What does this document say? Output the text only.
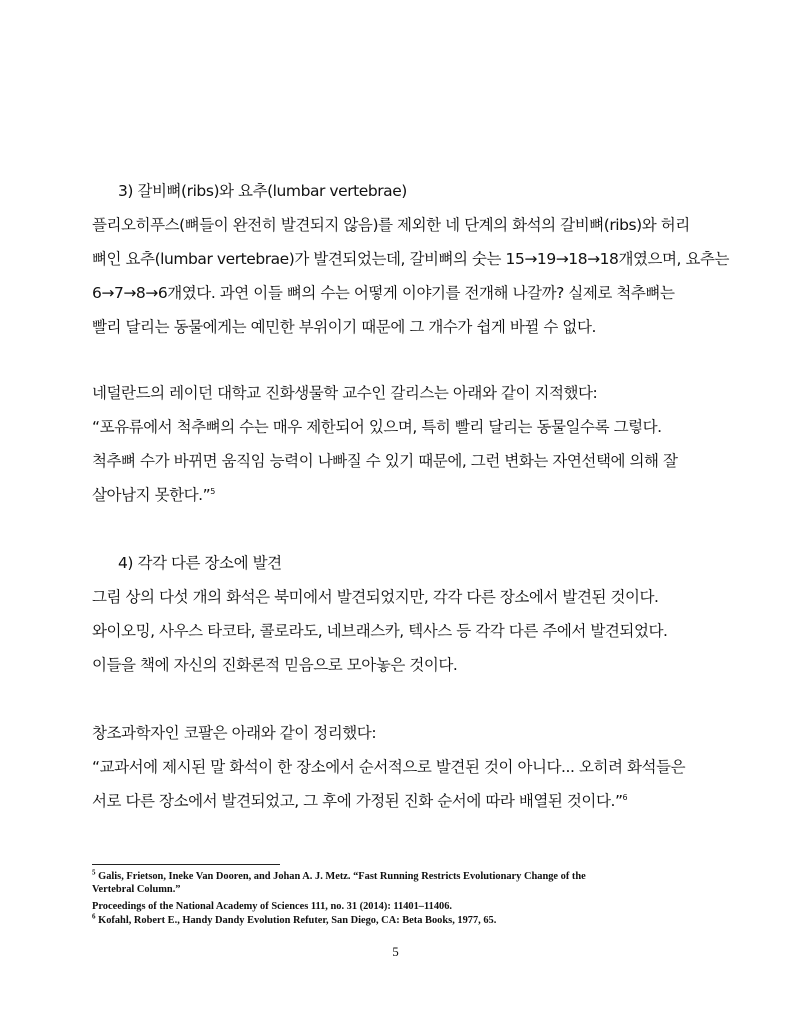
3) 갈비뼈(ribs)와 요추(lumbar vertebrae)
플리오히푸스(뼈들이 완전히 발견되지 않음)를 제외한 네 단계의 화석의 갈비뼈(ribs)와 허리
뼈인 요추(lumbar vertebrae)가 발견되었는데, 갈비뼈의 숫는 15→19→18→18개였으며, 요추는
6→7→8→6개였다. 과연 이들 뼈의 수는 어떻게 이야기를 전개해 나갈까? 실제로 척추뼈는
빨리 달리는 동물에게는 예민한 부위이기 때문에 그 개수가 쉽게 바뀔 수 없다.
네덜란드의 레이던 대학교 진화생물학 교수인 갈리스는 아래와 같이 지적했다:
“포유류에서 척추뼈의 수는 매우 제한되어 있으며, 특히 빨리 달리는 동물일수록 그렇다.
척추뼈 수가 바뀌면 움직임 능력이 나빠질 수 있기 때문에, 그런 변화는 자연선택에 의해 잘
살아남지 못한다.”$^5$
4) 각각 다른 장소에 발견
그림 상의 다섯 개의 화석은 북미에서 발견되었지만, 각각 다른 장소에서 발견된 것이다.
와이오밍, 사우스 타코타, 콜로라도, 네브래스카, 텍사스 등 각각 다른 주에서 발견되었다.
이들을 책에 자신의 진화론적 믿음으로 모아놓은 것이다.
창조과학자인 코팔은 아래와 같이 정리했다:
“교과서에 제시된 말 화석이 한 장소에서 순서적으로 발견된 것이 아니다... 오히려 화석들은
서로 다른 장소에서 발견되었고, 그 후에 가정된 진화 순서에 따라 배열된 것이다.”$^6$
$^5$ Galis, Frietson, Ineke Van Dooren, and Johan A. J. Metz. “Fast Running Restricts Evolutionary Change of the
Vertebral Column.”
Proceedings of the National Academy of Sciences 111, no. 31 (2014): 11401–11406.
$^6$ Kofahl, Robert E., Handy Dandy Evolution Refuter, San Diego, CA: Beta Books, 1977, 65.
5
